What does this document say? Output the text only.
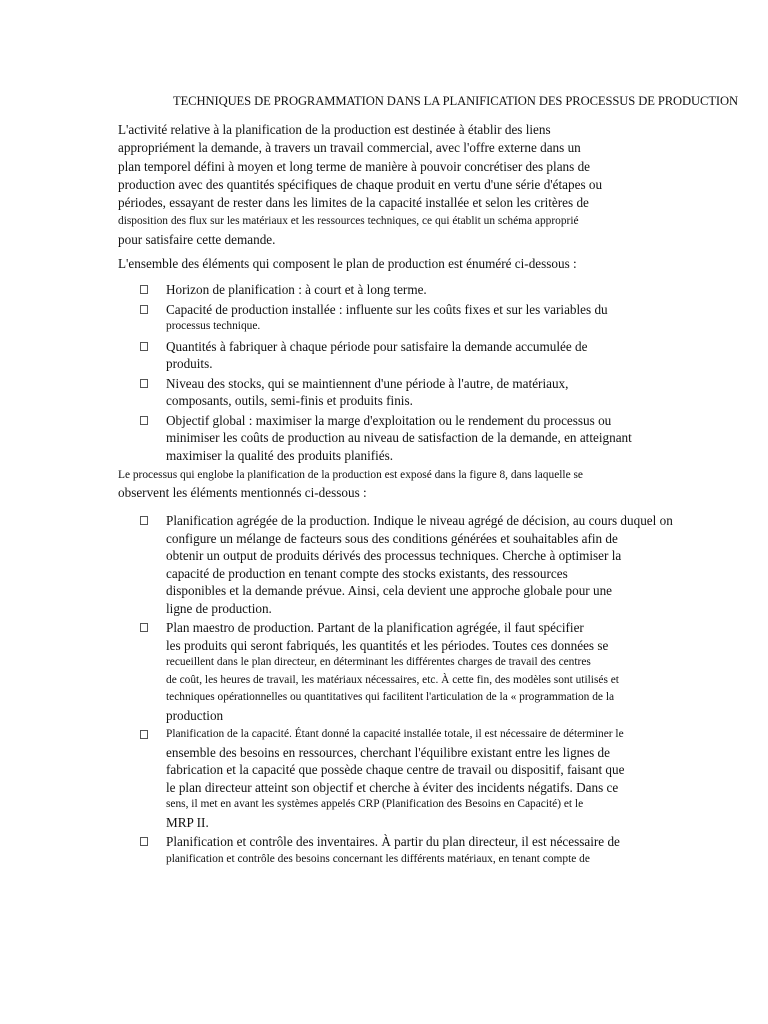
TECHNIQUES DE PROGRAMMATION DANS LA PLANIFICATION DES PROCESSUS DE PRODUCTION
L'activité relative à la planification de la production est destinée à établir des liens
appropriément la demande, à travers un travail commercial, avec l'offre externe dans un
plan temporel défini à moyen et long terme de manière à pouvoir concrétiser des plans de
production avec des quantités spécifiques de chaque produit en vertu d'une série d'étapes ou
périodes, essayant de rester dans les limites de la capacité installée et selon les critères de
disposition des flux sur les matériaux et les ressources techniques, ce qui établit un schéma approprié
pour satisfaire cette demande.
L'ensemble des éléments qui composent le plan de production est énuméré ci-dessous :
Horizon de planification : à court et à long terme.
Capacité de production installée : influente sur les coûts fixes et sur les variables du
processus technique.
Quantités à fabriquer à chaque période pour satisfaire la demande accumulée de
produits.
Niveau des stocks, qui se maintiennent d'une période à l'autre, de matériaux,
composants, outils, semi-finis et produits finis.
Objectif global : maximiser la marge d'exploitation ou le rendement du processus ou
minimiser les coûts de production au niveau de satisfaction de la demande, en atteignant
maximiser la qualité des produits planifiés.
Le processus qui englobe la planification de la production est exposé dans la figure 8, dans laquelle se
observent les éléments mentionnés ci-dessous :
Planification agrégée de la production. Indique le niveau agrégé de décision, au cours duquel on
configure un mélange de facteurs sous des conditions générées et souhaitables afin de
obtenir un output de produits dérivés des processus techniques. Cherche à optimiser la
capacité de production en tenant compte des stocks existants, des ressources
disponibles et la demande prévue. Ainsi, cela devient une approche globale pour une
ligne de production.
Plan maestro de production. Partant de la planification agrégée, il faut spécifier
les produits qui seront fabriqués, les quantités et les périodes. Toutes ces données se
recueillent dans le plan directeur, en déterminant les différentes charges de travail des centres
de coût, les heures de travail, les matériaux nécessaires, etc. À cette fin, des modèles sont utilisés et
techniques opérationnelles ou quantitatives qui facilitent l'articulation de la « programmation de la
production
Planification de la capacité. Étant donné la capacité installée totale, il est nécessaire de déterminer le
ensemble des besoins en ressources, cherchant l'équilibre existant entre les lignes de
fabrication et la capacité que possède chaque centre de travail ou dispositif, faisant que
le plan directeur atteint son objectif et cherche à éviter des incidents négatifs. Dans ce
sens, il met en avant les systèmes appelés CRP (Planification des Besoins en Capacité) et le
MRP II.
Planification et contrôle des inventaires. À partir du plan directeur, il est nécessaire de
planification et contrôle des besoins concernant les différents matériaux, en tenant compte de
